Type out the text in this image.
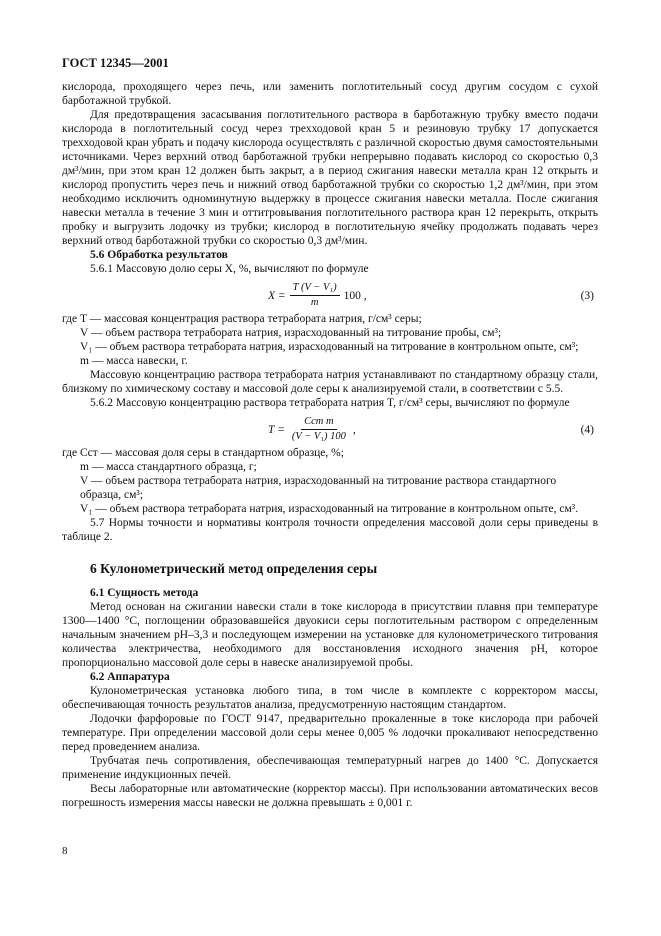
ГОСТ 12345—2001

кислорода, проходящего через печь, или заменить поглотительный сосуд другим сосудом с сухой барботажной трубкой.

Для предотвращения засасывания поглотительного раствора в барботажную трубку вместо подачи кислорода в поглотительный сосуд через трехходовой кран 5 и резиновую трубку 17 допускается трехходовой кран убрать и подачу кислорода осуществлять с различной скоростью двумя самостоятельными источниками. Через верхний отвод барботажной трубки непрерывно подавать кислород со скоростью 0,3 дм³/мин, при этом кран 12 должен быть закрыт, а в период сжигания навески металла кран 12 открыть и кислород пропустить через печь и нижний отвод барботажной трубки со скоростью 1,2 дм³/мин, при этом необходимо исключить одноминутную выдержку в процессе сжигания навески металла. После сжигания навески металла в течение 3 мин и оттитровывания поглотительного раствора кран 12 перекрыть, открыть пробку и выгрузить лодочку из трубки; кислород в поглотительную ячейку продолжать подавать через верхний отвод барботажной трубки со скоростью 0,3 дм³/мин.

5.6 Обработка результатов

5.6.1 Массовую долю серы X, %, вычисляют по формуле

$X = \frac{\text{T (V − V₁)}}{m} 100$ ,	(3)

где T — массовая концентрация раствора тетрабората натрия, г/см³ серы;

V — объем раствора тетрабората натрия, израсходованный на титрование пробы, см³;

V₁ — объем раствора тетрабората натрия, израсходованный на титрование в контрольном опыте, см³;

m — масса навески, г.

Массовую концентрацию раствора тетрабората натрия устанавливают по стандартному образцу стали, близкому по химическому составу и массовой доле серы к анализируемой стали, в соответствии с 5.5.

5.6.2 Массовую концентрацию раствора тетрабората натрия T, г/см³ серы, вычисляют по формуле

$T = \frac{\text{Cст m}}{\text{(V − V₁) 100}}$ ,	(4)

где Cст — массовая доля серы в стандартном образце, %;

m — масса стандартного образца, г;

V — объем раствора тетрабората натрия, израсходованный на титрование раствора стандартного образца, см³;

V₁ — объем раствора тетрабората натрия, израсходованный на титрование в контрольном опыте, см³.

5.7 Нормы точности и нормативы контроля точности определения массовой доли серы приведены в таблице 2.

6 Кулонометрический метод определения серы

6.1 Сущность метода

Метод основан на сжигании навески стали в токе кислорода в присутствии плавня при температуре 1300—1400 °С, поглощении образовавшейся двуокиси серы поглотительным раствором с определенным начальным значением pH–3,3 и последующем измерении на установке для кулонометрического титрования количества электричества, необходимого для восстановления исходного значения pH, которое пропорционально массовой доле серы в навеске анализируемой пробы.

6.2 Аппаратура

Кулонометрическая установка любого типа, в том числе в комплекте с корректором массы, обеспечивающая точность результатов анализа, предусмотренную настоящим стандартом.

Лодочки фарфоровые по ГОСТ 9147, предварительно прокаленные в токе кислорода при рабочей температуре. При определении массовой доли серы менее 0,005 % лодочки прокаливают непосредственно перед проведением анализа.

Трубчатая печь сопротивления, обеспечивающая температурный нагрев до 1400 °С. Допускается применение индукционных печей.

Весы лабораторные или автоматические (корректор массы). При использовании автоматических весов погрешность измерения массы навески не должна превышать ± 0,001 г.

8
